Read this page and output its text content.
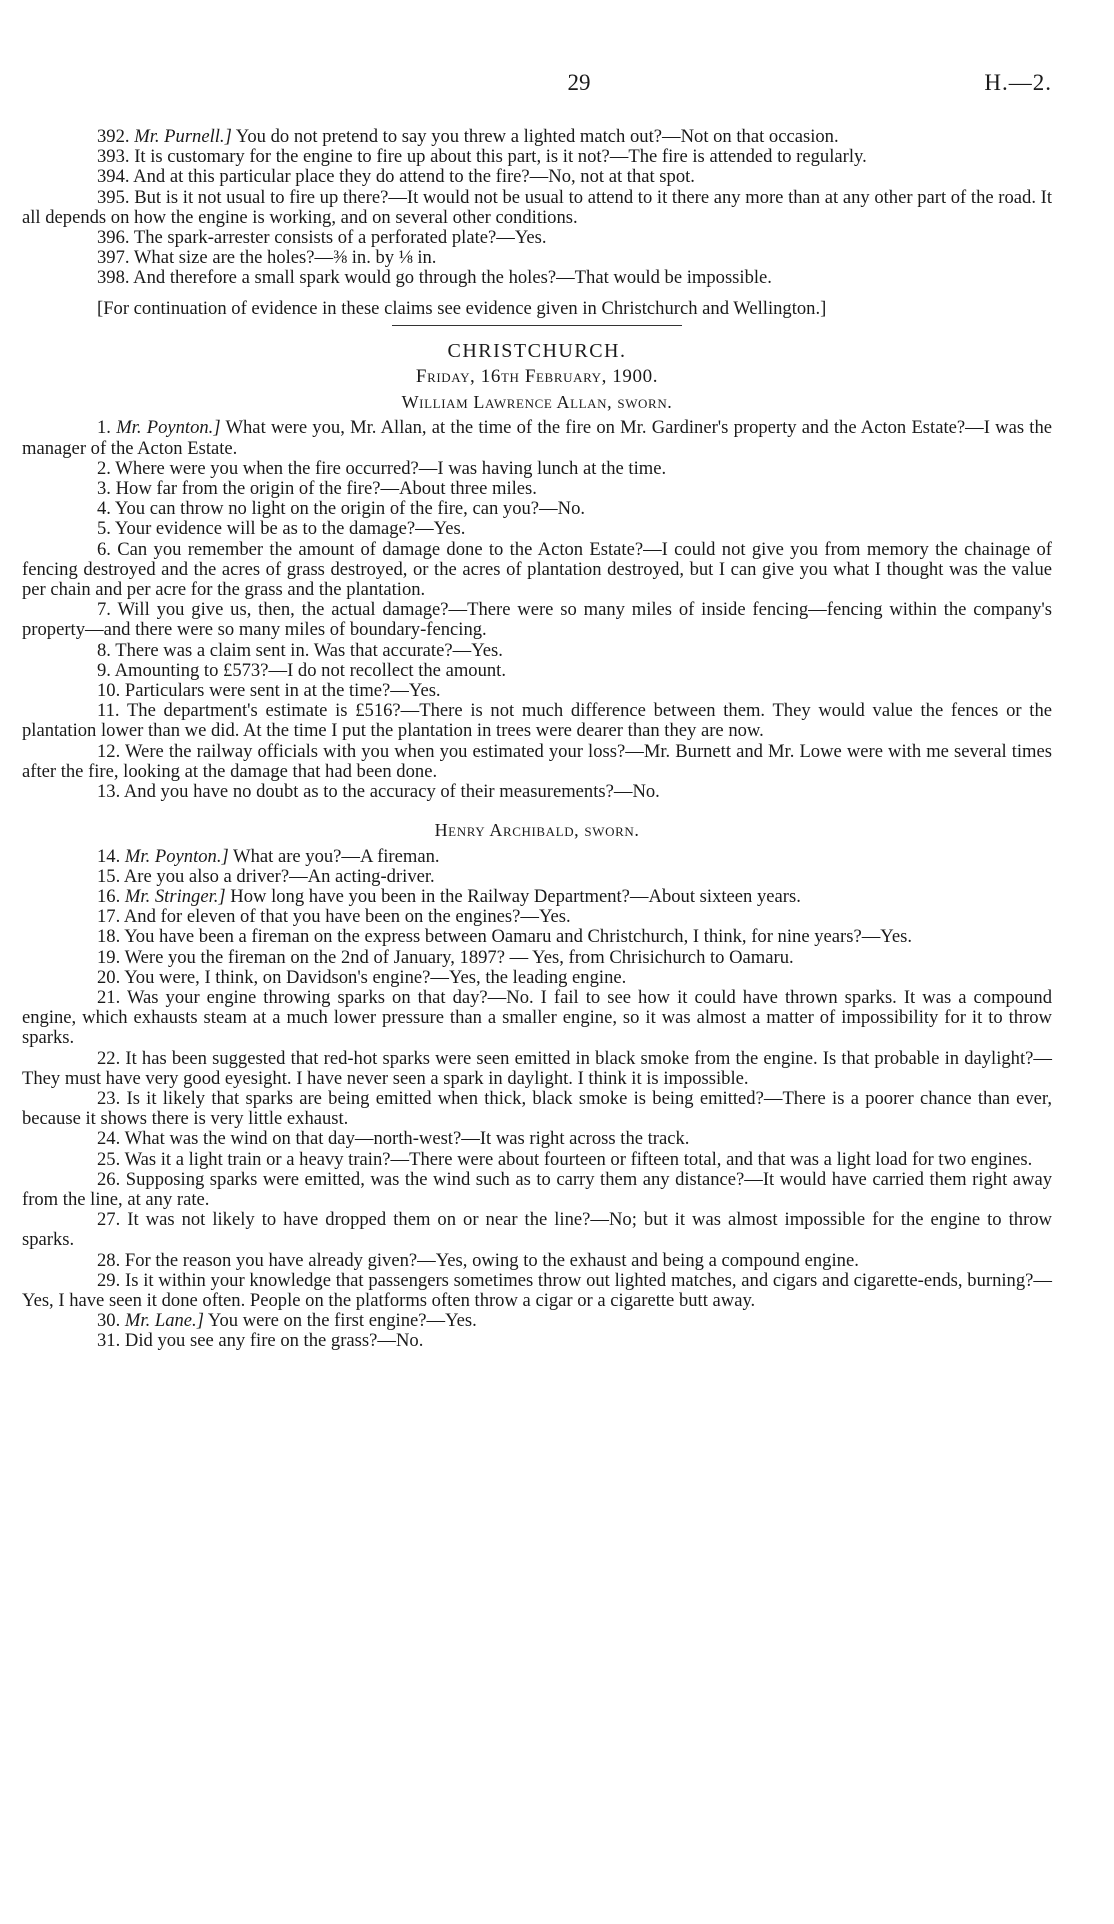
29	H.—2.

392. Mr. Purnell.] You do not pretend to say you threw a lighted match out?—Not on that occasion.

393. It is customary for the engine to fire up about this part, is it not?—The fire is attended to regularly.

394. And at this particular place they do attend to the fire?—No, not at that spot.

395. But is it not usual to fire up there?—It would not be usual to attend to it there any more than at any other part of the road. It all depends on how the engine is working, and on several other conditions.

396. The spark-arrester consists of a perforated plate?—Yes.

397. What size are the holes?—⅜ in. by ⅛ in.

398. And therefore a small spark would go through the holes?—That would be impossible.

[For continuation of evidence in these claims see evidence given in Christchurch and Wellington.]

CHRISTCHURCH.

Friday, 16th February, 1900.

William Lawrence Allan, sworn.

1. Mr. Poynton.] What were you, Mr. Allan, at the time of the fire on Mr. Gardiner's property and the Acton Estate?—I was the manager of the Acton Estate.

2. Where were you when the fire occurred?—I was having lunch at the time.

3. How far from the origin of the fire?—About three miles.

4. You can throw no light on the origin of the fire, can you?—No.

5. Your evidence will be as to the damage?—Yes.

6. Can you remember the amount of damage done to the Acton Estate?—I could not give you from memory the chainage of fencing destroyed and the acres of grass destroyed, or the acres of plantation destroyed, but I can give you what I thought was the value per chain and per acre for the grass and the plantation.

7. Will you give us, then, the actual damage?—There were so many miles of inside fencing—fencing within the company's property—and there were so many miles of boundary-fencing.

8. There was a claim sent in. Was that accurate?—Yes.

9. Amounting to £573?—I do not recollect the amount.

10. Particulars were sent in at the time?—Yes.

11. The department's estimate is £516?—There is not much difference between them. They would value the fences or the plantation lower than we did. At the time I put the plantation in trees were dearer than they are now.

12. Were the railway officials with you when you estimated your loss?—Mr. Burnett and Mr. Lowe were with me several times after the fire, looking at the damage that had been done.

13. And you have no doubt as to the accuracy of their measurements?—No.

Henry Archibald, sworn.

14. Mr. Poynton.] What are you?—A fireman.

15. Are you also a driver?—An acting-driver.

16. Mr. Stringer.] How long have you been in the Railway Department?—About sixteen years.

17. And for eleven of that you have been on the engines?—Yes.

18. You have been a fireman on the express between Oamaru and Christchurch, I think, for nine years?—Yes.

19. Were you the fireman on the 2nd of January, 1897? — Yes, from Chrisichurch to Oamaru.

20. You were, I think, on Davidson's engine?—Yes, the leading engine.

21. Was your engine throwing sparks on that day?—No. I fail to see how it could have thrown sparks. It was a compound engine, which exhausts steam at a much lower pressure than a smaller engine, so it was almost a matter of impossibility for it to throw sparks.

22. It has been suggested that red-hot sparks were seen emitted in black smoke from the engine. Is that probable in daylight?—They must have very good eyesight. I have never seen a spark in daylight. I think it is impossible.

23. Is it likely that sparks are being emitted when thick, black smoke is being emitted?—There is a poorer chance than ever, because it shows there is very little exhaust.

24. What was the wind on that day—north-west?—It was right across the track.

25. Was it a light train or a heavy train?—There were about fourteen or fifteen total, and that was a light load for two engines.

26. Supposing sparks were emitted, was the wind such as to carry them any distance?—It would have carried them right away from the line, at any rate.

27. It was not likely to have dropped them on or near the line?—No; but it was almost impossible for the engine to throw sparks.

28. For the reason you have already given?—Yes, owing to the exhaust and being a compound engine.

29. Is it within your knowledge that passengers sometimes throw out lighted matches, and cigars and cigarette-ends, burning?—Yes, I have seen it done often. People on the platforms often throw a cigar or a cigarette butt away.

30. Mr. Lane.] You were on the first engine?—Yes.

31. Did you see any fire on the grass?—No.
